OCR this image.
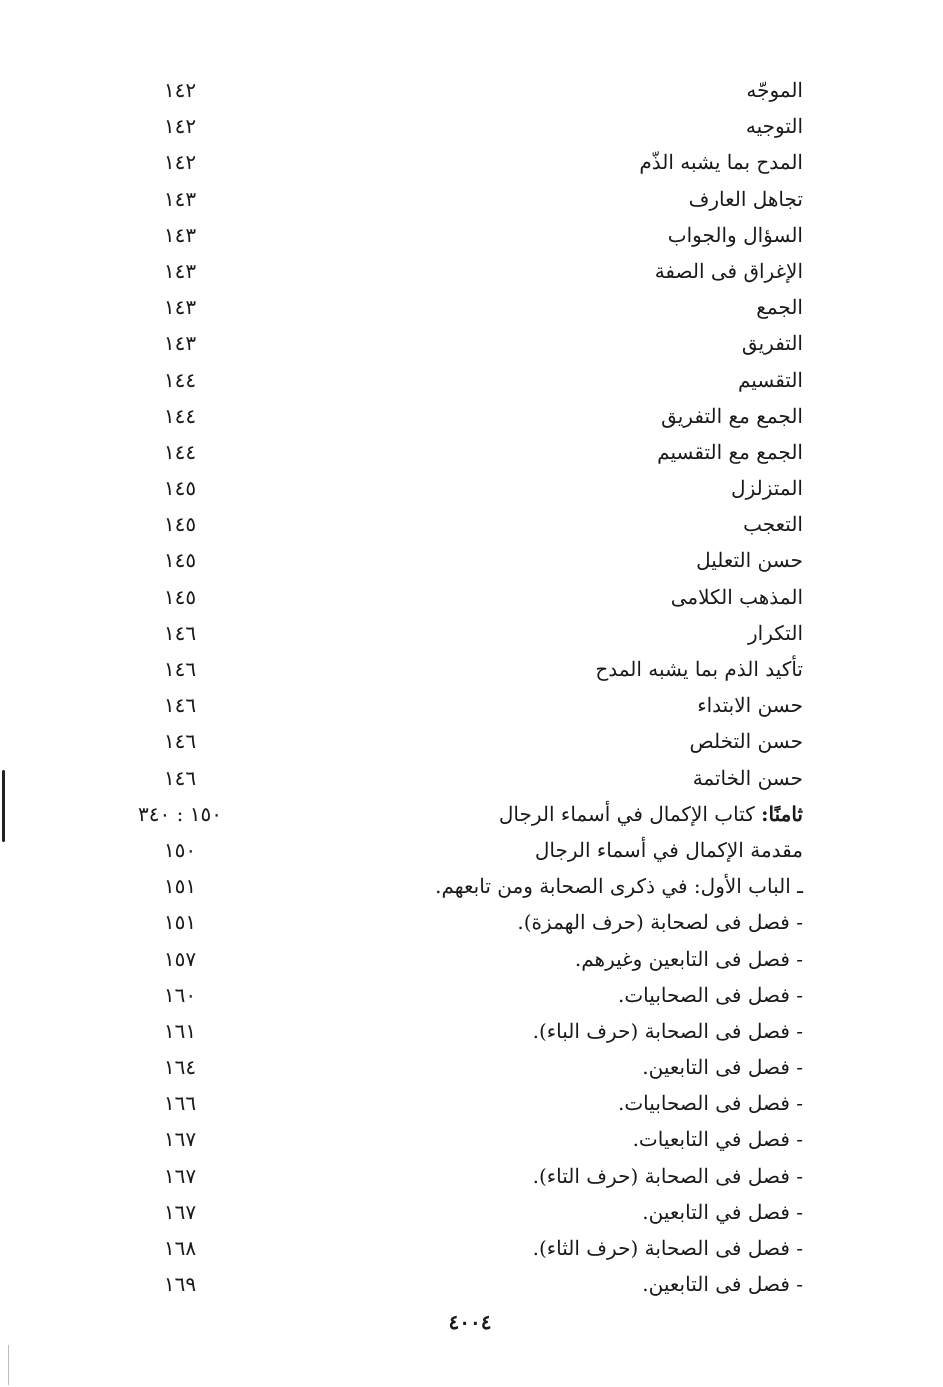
الموجّه
١٤٢
التوجيه
١٤٢
المدح بما يشبه الذّم
١٤٢
تجاهل العارف
١٤٣
السؤال والجواب
١٤٣
الإغراق فى الصفة
١٤٣
الجمع
١٤٣
التفريق
١٤٣
التقسيم
١٤٤
الجمع مع التفريق
١٤٤
الجمع مع التقسيم
١٤٤
المتزلزل
١٤٥
التعجب
١٤٥
حسن التعليل
١٤٥
المذهب الكلامى
١٤٥
التكرار
١٤٦
تأكيد الذم بما يشبه المدح
١٤٦
حسن الابتداء
١٤٦
حسن التخلص
١٤٦
حسن الخاتمة
١٤٦
ثامنًا: كتاب الإكمال في أسماء الرجال
١٥٠ : ٣٤٠
مقدمة الإكمال في أسماء الرجال
١٥٠
ـ الباب الأول: في ذكرى الصحابة ومن تابعهم.
١٥١
- فصل فى لصحابة (حرف الهمزة).
١٥١
- فصل فى التابعين وغيرهم.
١٥٧
- فصل فى الصحابيات.
١٦٠
- فصل فى الصحابة (حرف الباء).
١٦١
- فصل فى التابعين.
١٦٤
- فصل فى الصحابيات.
١٦٦
- فصل في التابعيات.
١٦٧
- فصل فى الصحابة (حرف التاء).
١٦٧
- فصل في التابعين.
١٦٧
- فصل فى الصحابة (حرف الثاء).
١٦٨
- فصل فى التابعين.
١٦٩
٤٠٠٤
